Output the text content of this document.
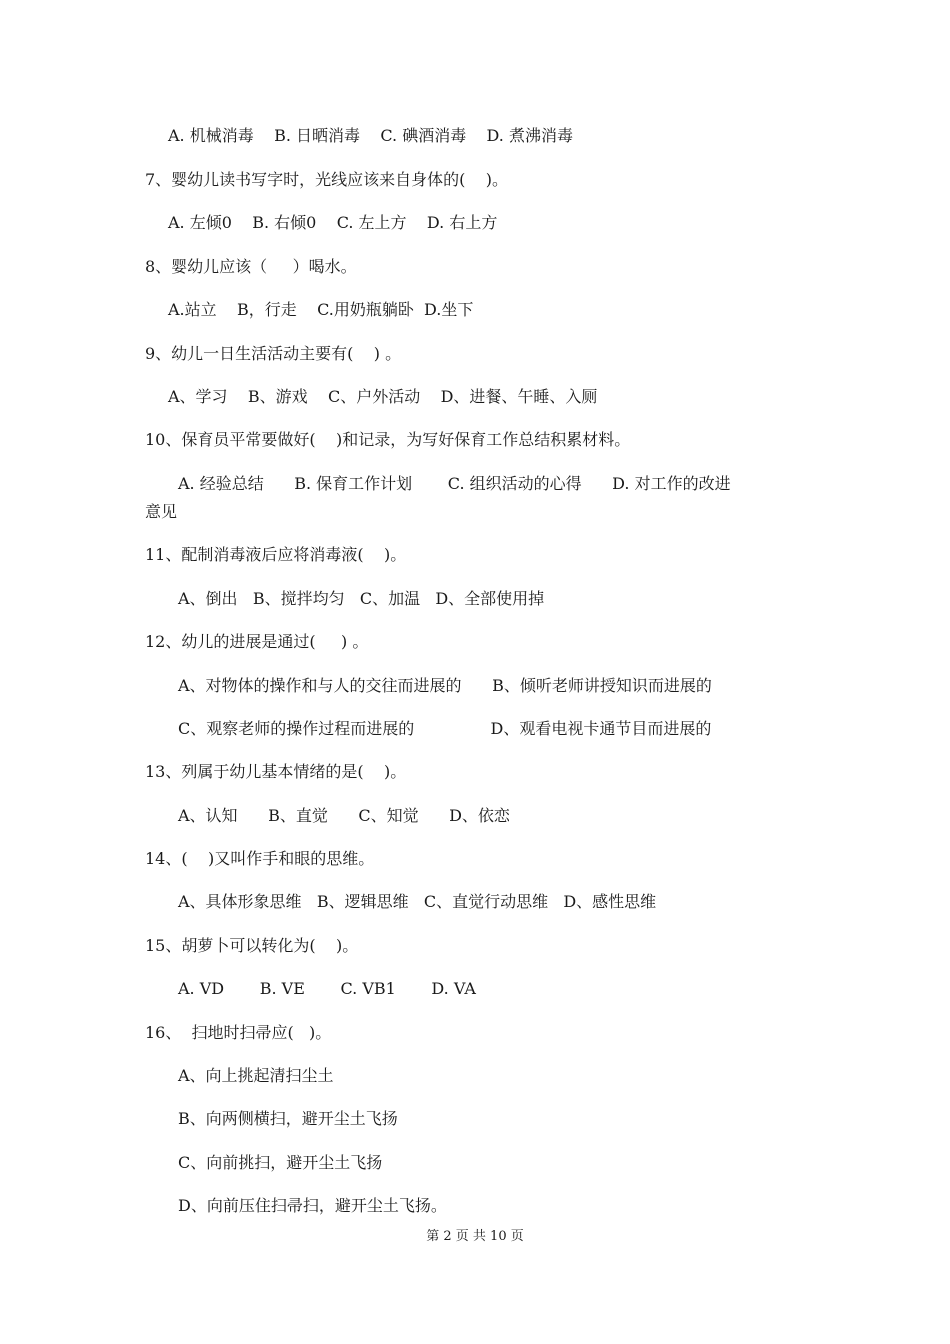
A. 机械消毒    B. 日晒消毒    C. 碘酒消毒    D. 煮沸消毒
7、婴幼儿读书写字时，光线应该来自身体的(    )。
A. 左倾0    B. 右倾0    C. 左上方    D. 右上方
8、婴幼儿应该（     ）喝水。
A.站立    B，行走    C.用奶瓶躺卧  D.坐下
9、幼儿一日生活活动主要有(    ) 。
A、学习    B、游戏    C、户外活动    D、进餐、午睡、入厕
10、保育员平常要做好(    )和记录，为写好保育工作总结积累材料。
A. 经验总结      B. 保育工作计划       C. 组织活动的心得      D. 对工作的改进
意见
11、配制消毒液后应将消毒液(    )。
A、倒出   B、搅拌均匀   C、加温   D、全部使用掉
12、幼儿的进展是通过(     ) 。
A、对物体的操作和与人的交往而进展的      B、倾听老师讲授知识而进展的
C、观察老师的操作过程而进展的               D、观看电视卡通节目而进展的
13、列属于幼儿基本情绪的是(    )。
A、认知      B、直觉      C、知觉      D、依恋
14、(    )又叫作手和眼的思维。
A、具体形象思维   B、逻辑思维   C、直觉行动思维   D、感性思维
15、胡萝卜可以转化为(    )。
A. VD       B. VE       C. VB1       D. VA
16、  扫地时扫帚应(   )。
A、向上挑起清扫尘土
B、向两侧横扫，避开尘土飞扬
C、向前挑扫，避开尘土飞扬
D、向前压住扫帚扫，避开尘土飞扬。
第 2 页 共 10 页
